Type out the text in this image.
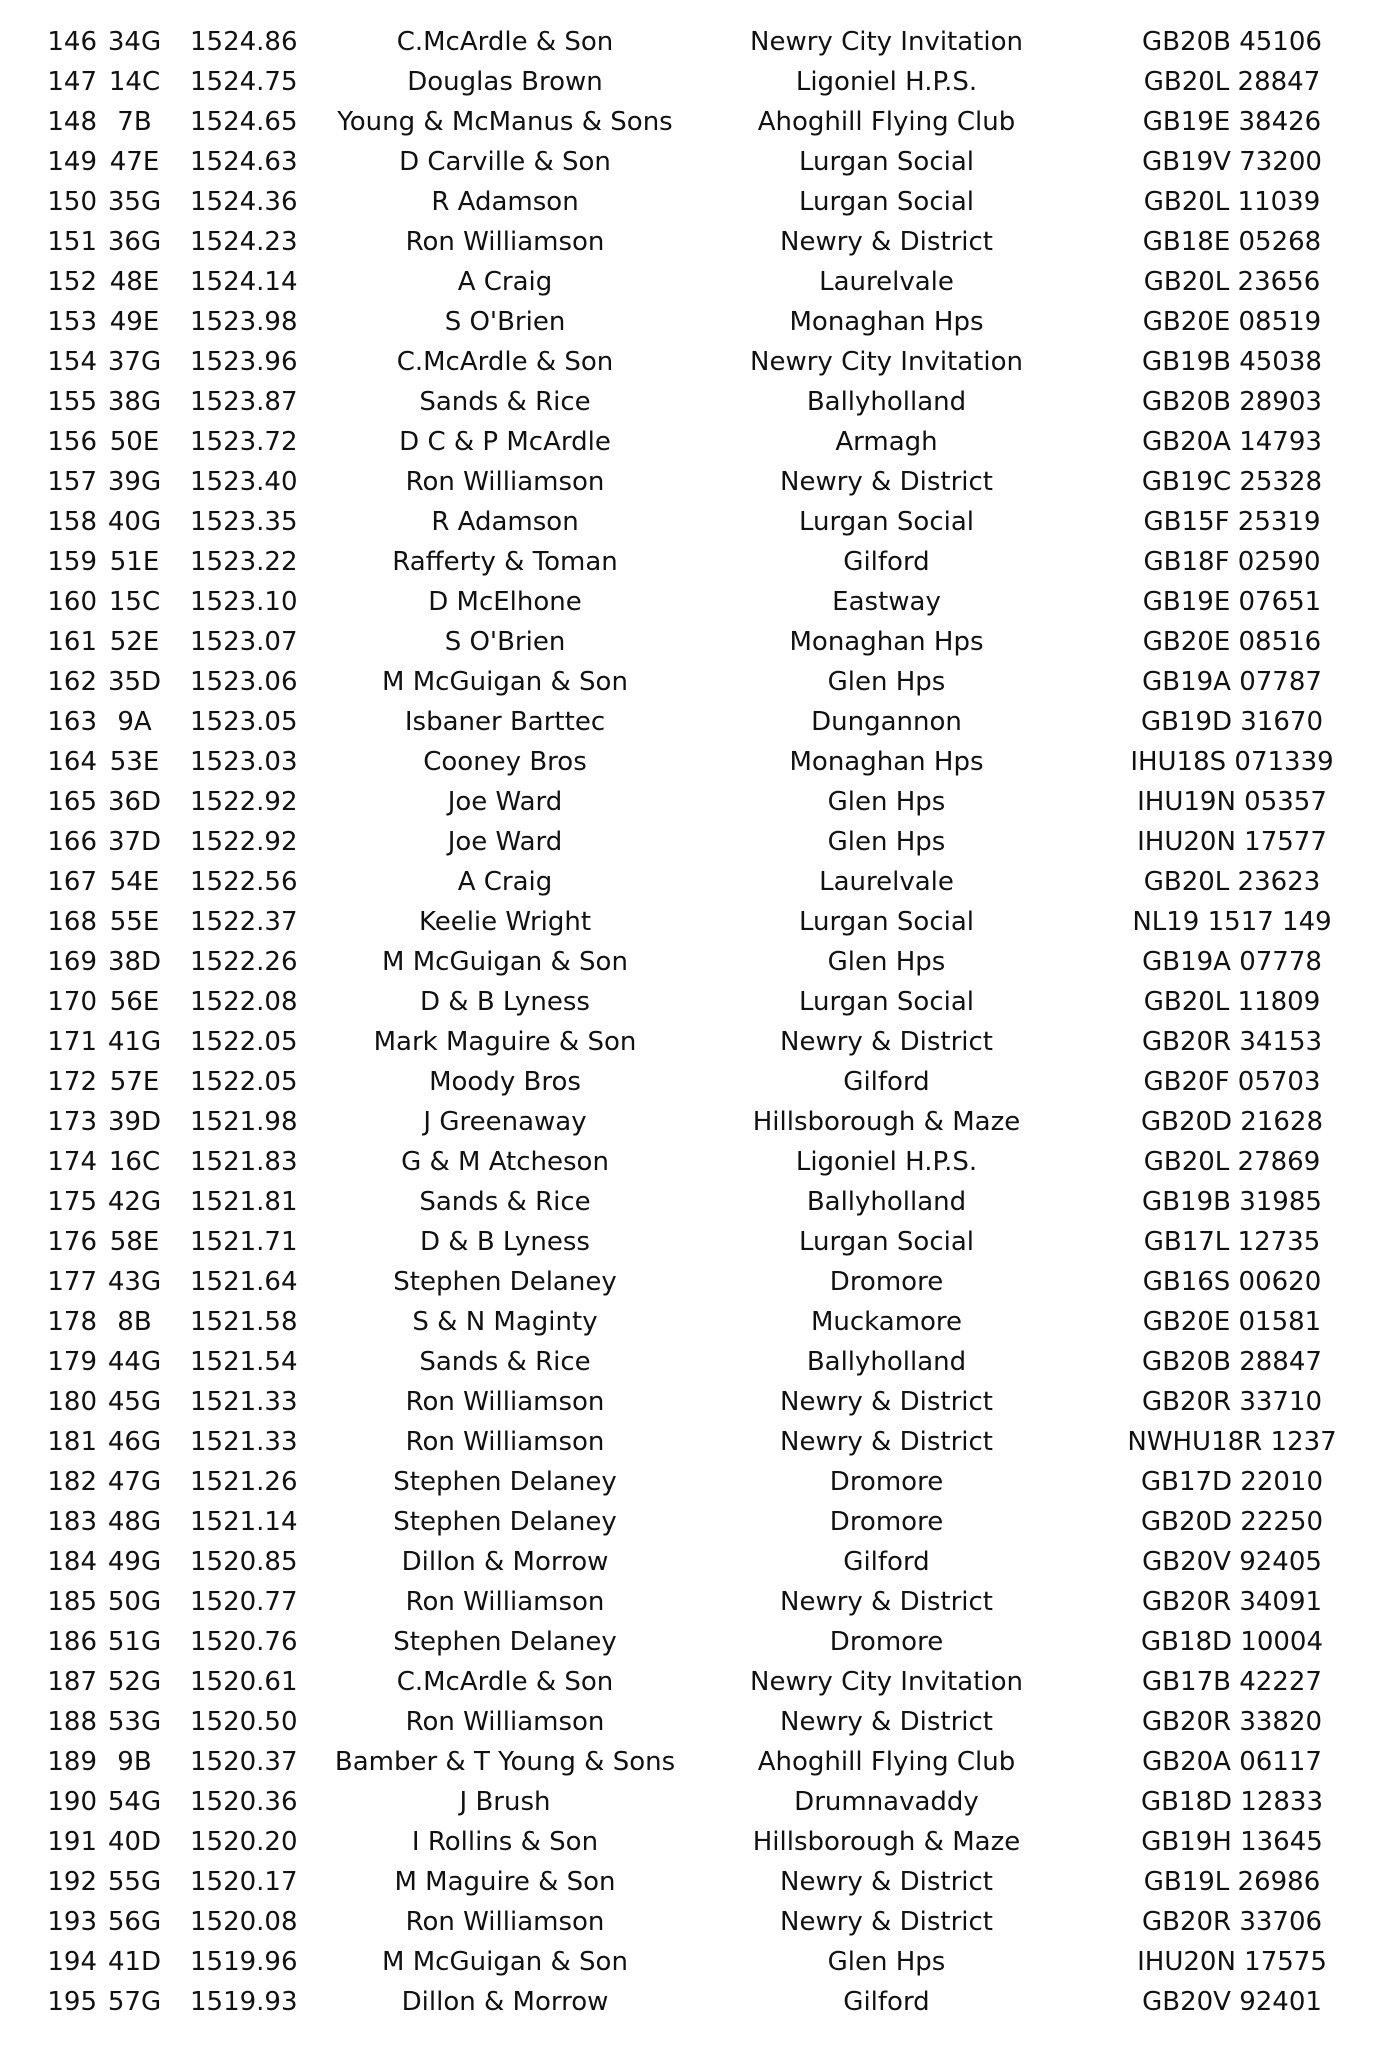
146	34G	1524.86	C.McArdle & Son	Newry City Invitation	GB20B 45106
147	14C	1524.75	Douglas Brown	Ligoniel H.P.S.	GB20L 28847
148	7B	1524.65	Young & McManus & Sons	Ahoghill Flying Club	GB19E 38426
149	47E	1524.63	D Carville & Son	Lurgan Social	GB19V 73200
150	35G	1524.36	R Adamson	Lurgan Social	GB20L 11039
151	36G	1524.23	Ron Williamson	Newry & District	GB18E 05268
152	48E	1524.14	A Craig	Laurelvale	GB20L 23656
153	49E	1523.98	S O'Brien	Monaghan Hps	GB20E 08519
154	37G	1523.96	C.McArdle & Son	Newry City Invitation	GB19B 45038
155	38G	1523.87	Sands & Rice	Ballyholland	GB20B 28903
156	50E	1523.72	D C & P McArdle	Armagh	GB20A 14793
157	39G	1523.40	Ron Williamson	Newry & District	GB19C 25328
158	40G	1523.35	R Adamson	Lurgan Social	GB15F 25319
159	51E	1523.22	Rafferty & Toman	Gilford	GB18F 02590
160	15C	1523.10	D McElhone	Eastway	GB19E 07651
161	52E	1523.07	S O'Brien	Monaghan Hps	GB20E 08516
162	35D	1523.06	M McGuigan & Son	Glen Hps	GB19A 07787
163	9A	1523.05	Isbaner Barttec	Dungannon	GB19D 31670
164	53E	1523.03	Cooney Bros	Monaghan Hps	IHU18S 071339
165	36D	1522.92	Joe Ward	Glen Hps	IHU19N 05357
166	37D	1522.92	Joe Ward	Glen Hps	IHU20N 17577
167	54E	1522.56	A Craig	Laurelvale	GB20L 23623
168	55E	1522.37	Keelie Wright	Lurgan Social	NL19 1517 149
169	38D	1522.26	M McGuigan & Son	Glen Hps	GB19A 07778
170	56E	1522.08	D & B Lyness	Lurgan Social	GB20L 11809
171	41G	1522.05	Mark Maguire & Son	Newry & District	GB20R 34153
172	57E	1522.05	Moody Bros	Gilford	GB20F 05703
173	39D	1521.98	J Greenaway	Hillsborough & Maze	GB20D 21628
174	16C	1521.83	G & M Atcheson	Ligoniel H.P.S.	GB20L 27869
175	42G	1521.81	Sands & Rice	Ballyholland	GB19B 31985
176	58E	1521.71	D & B Lyness	Lurgan Social	GB17L 12735
177	43G	1521.64	Stephen Delaney	Dromore	GB16S 00620
178	8B	1521.58	S & N Maginty	Muckamore	GB20E 01581
179	44G	1521.54	Sands & Rice	Ballyholland	GB20B 28847
180	45G	1521.33	Ron Williamson	Newry & District	GB20R 33710
181	46G	1521.33	Ron Williamson	Newry & District	NWHU18R 1237
182	47G	1521.26	Stephen Delaney	Dromore	GB17D 22010
183	48G	1521.14	Stephen Delaney	Dromore	GB20D 22250
184	49G	1520.85	Dillon & Morrow	Gilford	GB20V 92405
185	50G	1520.77	Ron Williamson	Newry & District	GB20R 34091
186	51G	1520.76	Stephen Delaney	Dromore	GB18D 10004
187	52G	1520.61	C.McArdle & Son	Newry City Invitation	GB17B 42227
188	53G	1520.50	Ron Williamson	Newry & District	GB20R 33820
189	9B	1520.37	Bamber & T Young & Sons	Ahoghill Flying Club	GB20A 06117
190	54G	1520.36	J Brush	Drumnavaddy	GB18D 12833
191	40D	1520.20	I Rollins & Son	Hillsborough & Maze	GB19H 13645
192	55G	1520.17	M Maguire & Son	Newry & District	GB19L 26986
193	56G	1520.08	Ron Williamson	Newry & District	GB20R 33706
194	41D	1519.96	M McGuigan & Son	Glen Hps	IHU20N 17575
195	57G	1519.93	Dillon & Morrow	Gilford	GB20V 92401
